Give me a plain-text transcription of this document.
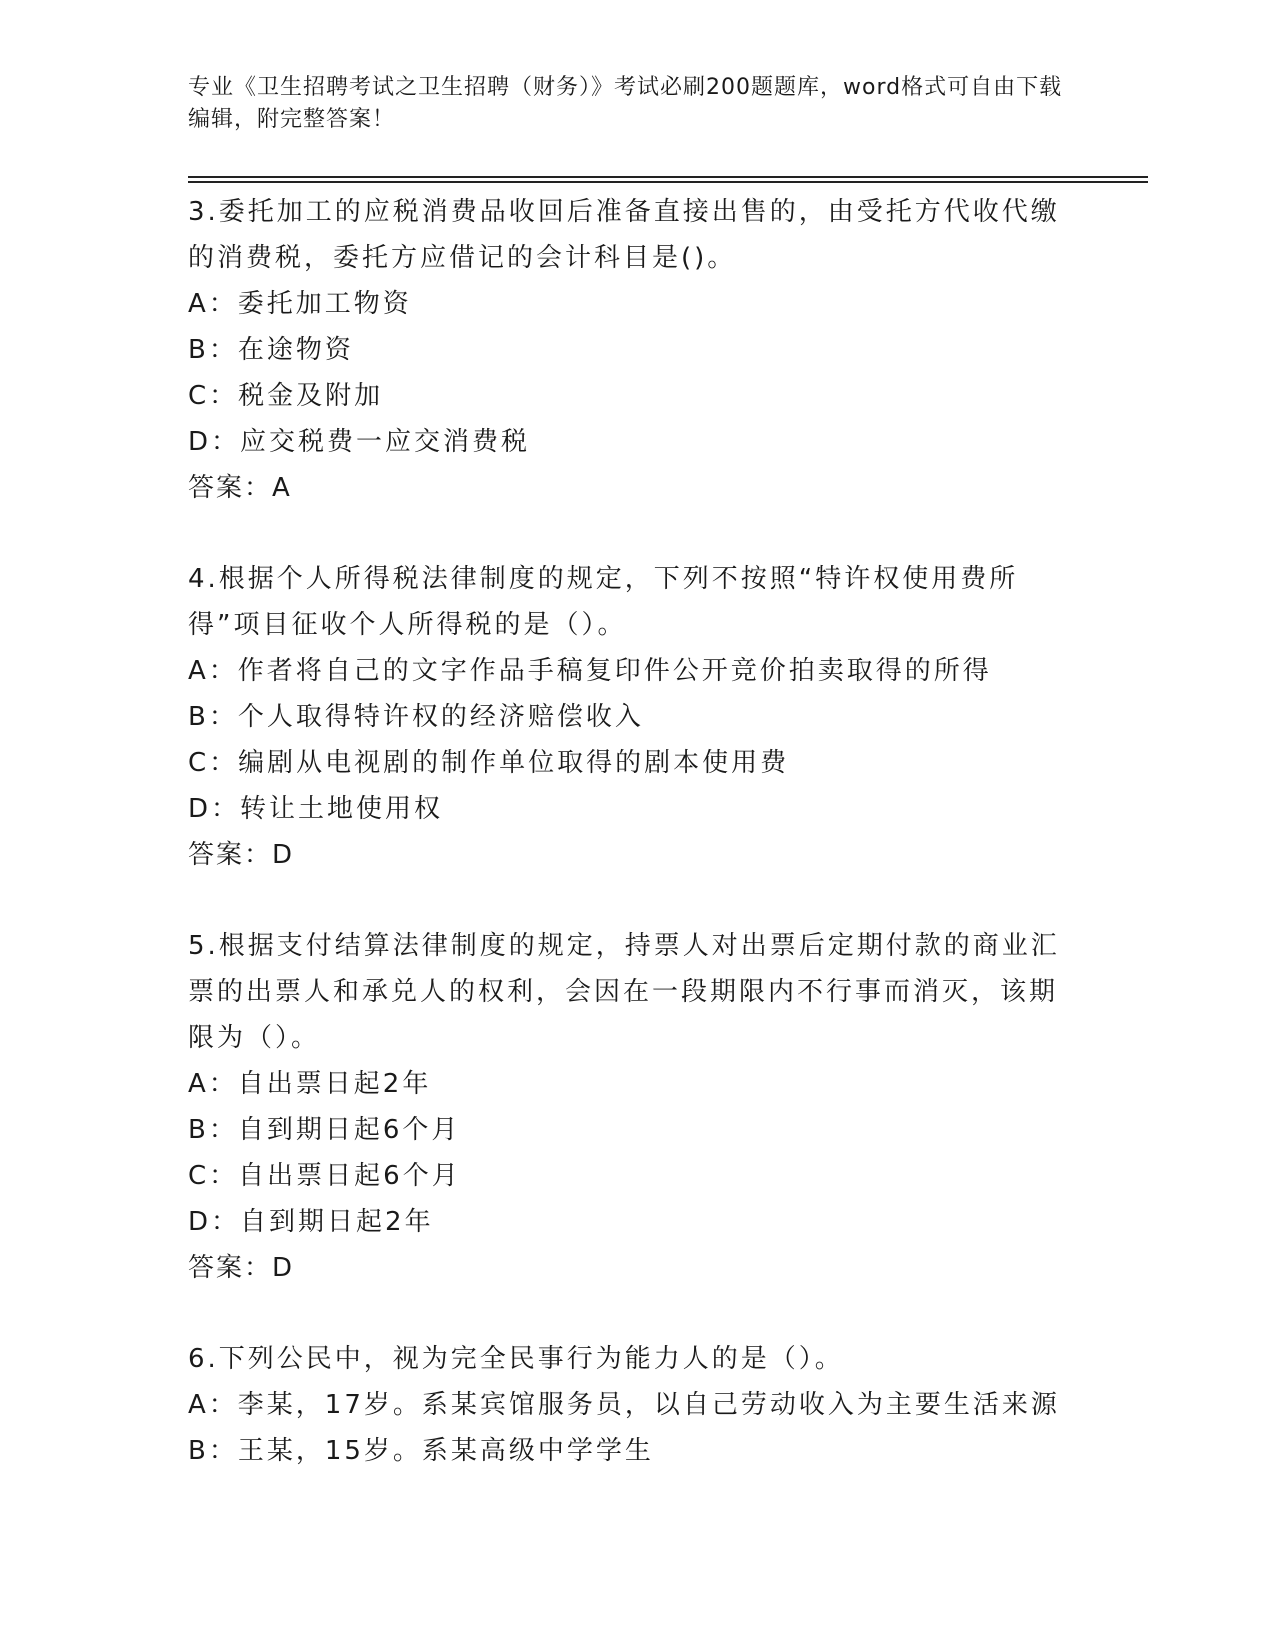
专业《卫生招聘考试之卫生招聘（财务）》考试必刷200题题库，word格式可自由下载编辑，附完整答案！
3.委托加工的应税消费品收回后准备直接出售的，由受托方代收代缴的消费税，委托方应借记的会计科目是()。
A：委托加工物资
B：在途物资
C：税金及附加
D：应交税费一应交消费税
答案：A
4.根据个人所得税法律制度的规定，下列不按照“特许权使用费所得”项目征收个人所得税的是（）。
A：作者将自己的文字作品手稿复印件公开竞价拍卖取得的所得
B：个人取得特许权的经济赔偿收入
C：编剧从电视剧的制作单位取得的剧本使用费
D：转让土地使用权
答案：D
5.根据支付结算法律制度的规定，持票人对出票后定期付款的商业汇票的出票人和承兑人的权利，会因在一段期限内不行事而消灭，该期限为（）。
A：自出票日起2年
B：自到期日起6个月
C：自出票日起6个月
D：自到期日起2年
答案：D
6.下列公民中，视为完全民事行为能力人的是（）。
A：李某，17岁。系某宾馆服务员，以自己劳动收入为主要生活来源
B：王某，15岁。系某高级中学学生
